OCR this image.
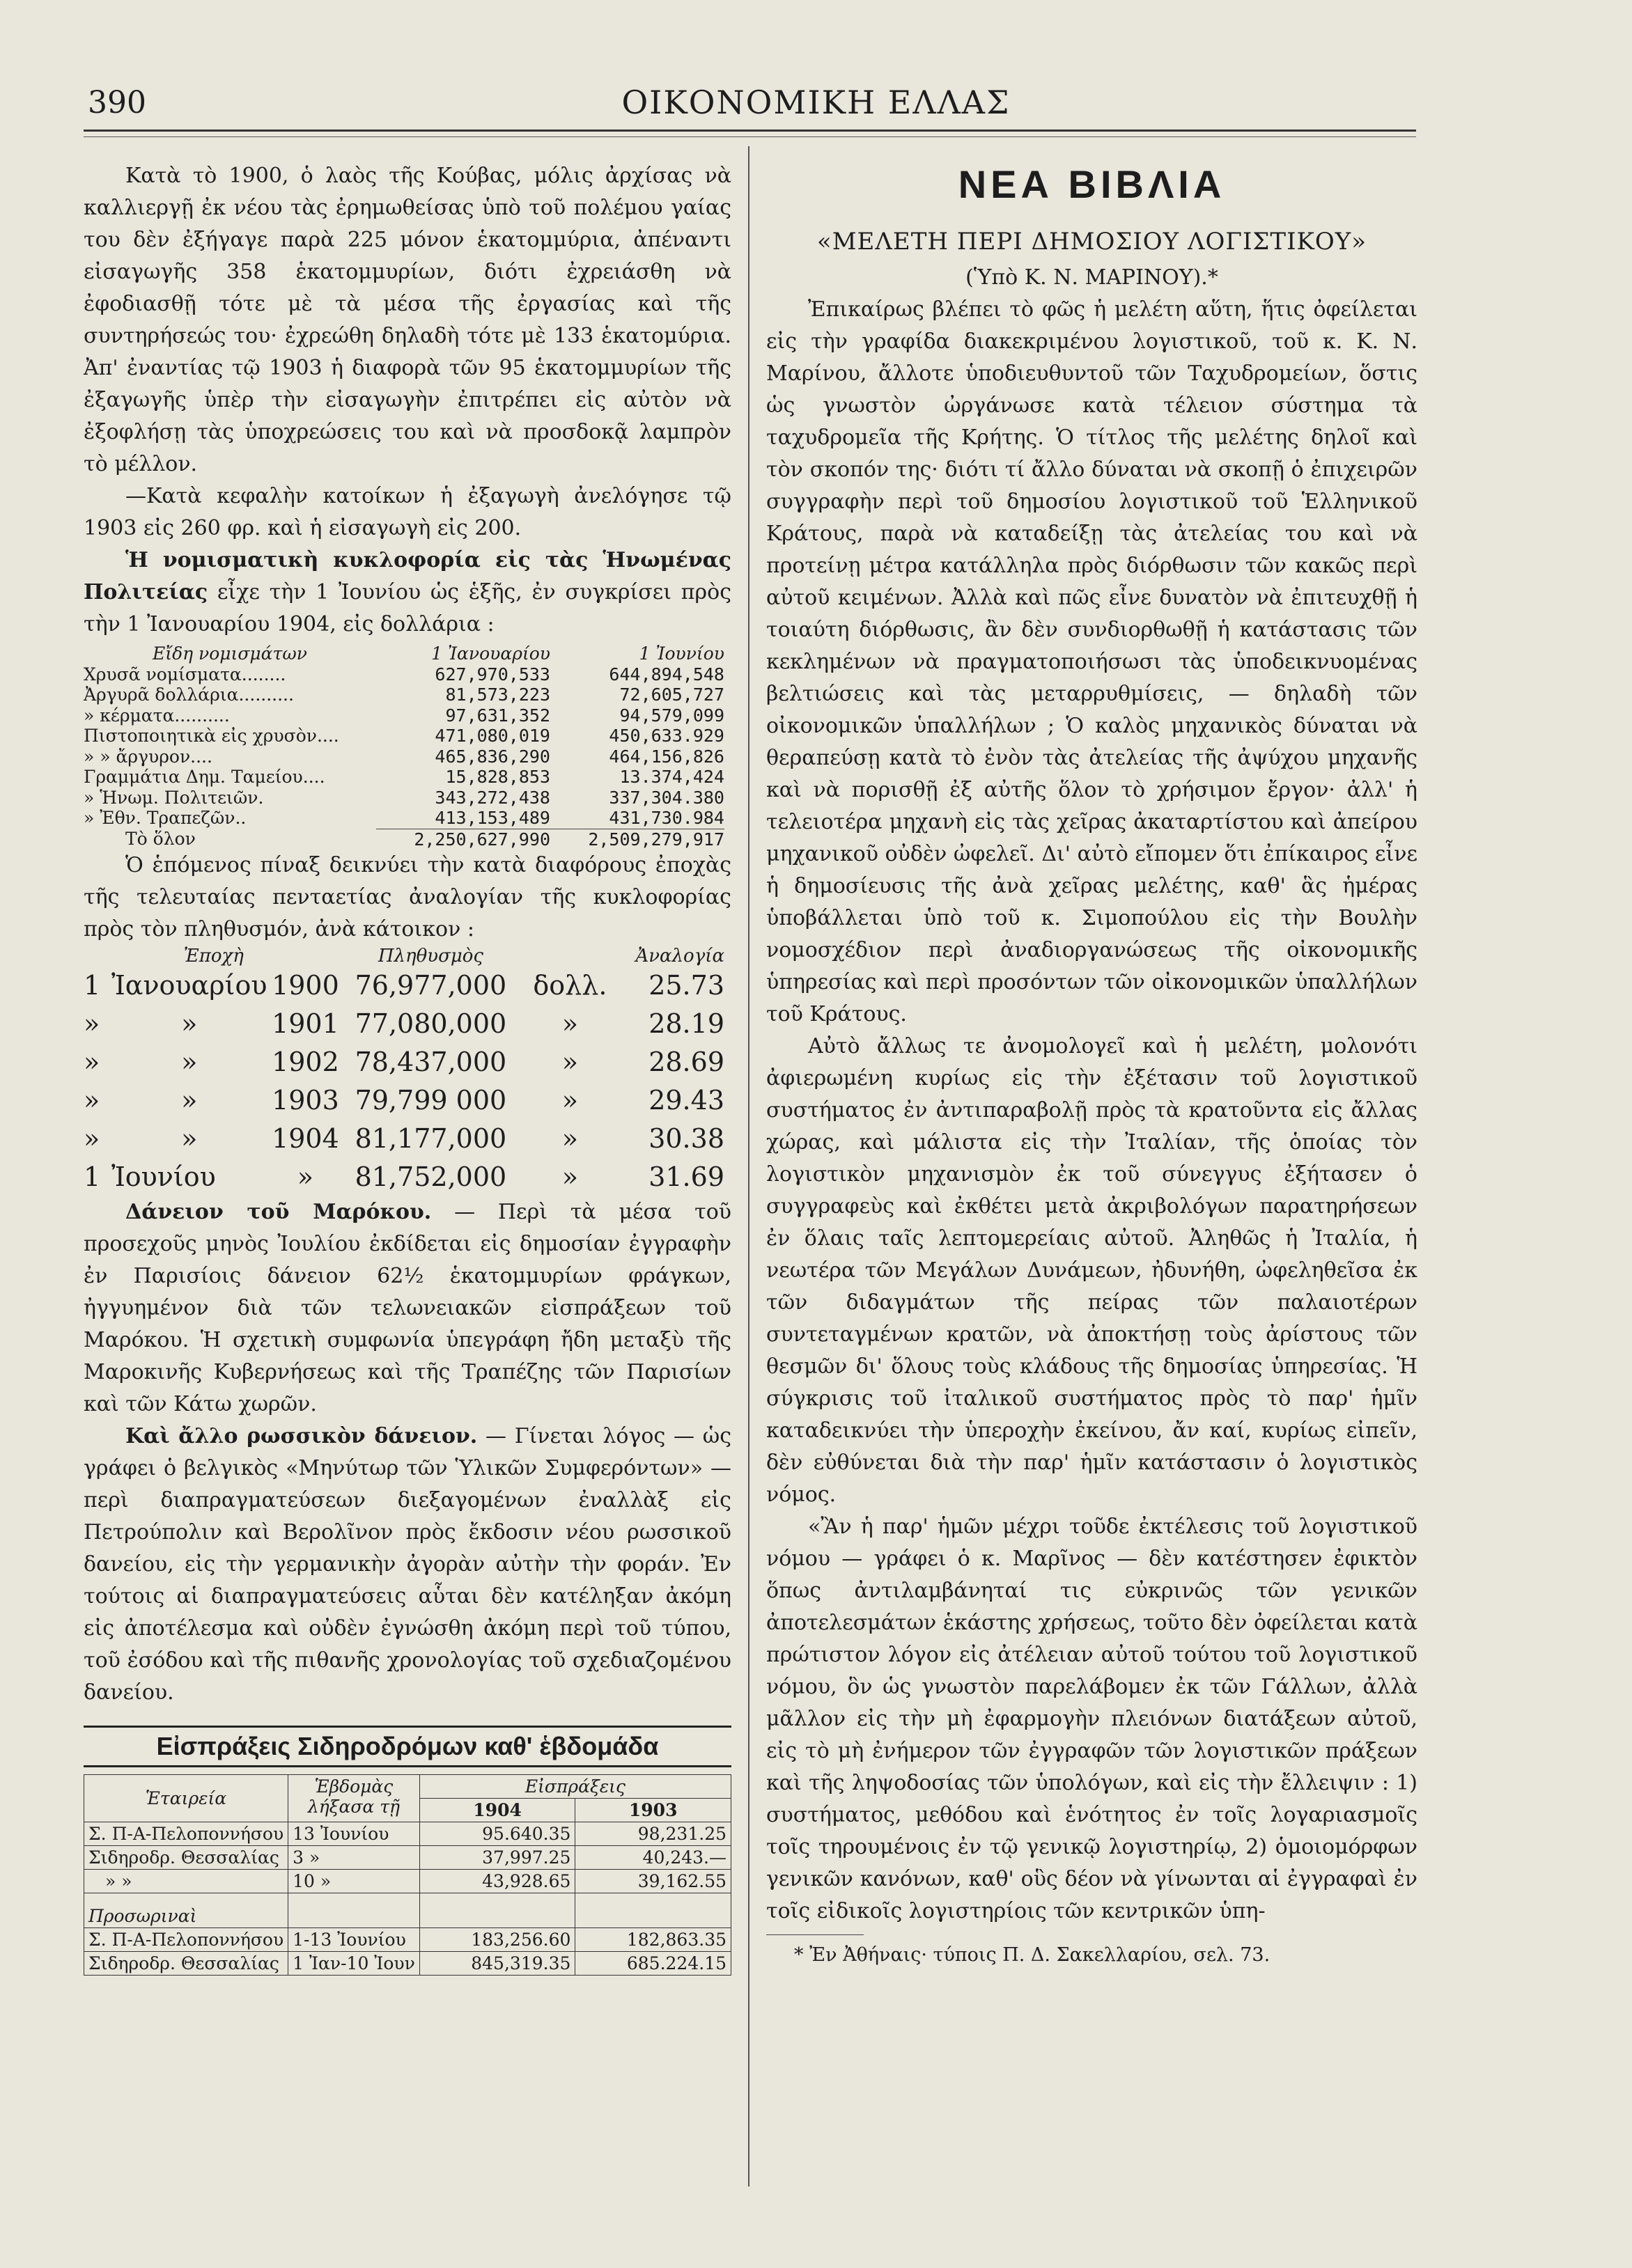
390	ΟΙΚΟΝΟΜΙΚΗ ΕΛΛΑΣ

Κατὰ τὸ 1900, ὁ λαὸς τῆς Κούβας, μόλις ἀρχίσας νὰ καλλιεργῇ ἐκ νέου τὰς ἐρημωθείσας ὑπὸ τοῦ πολέμου γαίας του δὲν ἐξήγαγε παρὰ 225 μόνον ἑκατομμύρια, ἀπέναντι εἰσαγωγῆς 358 ἑκατομμυρίων, διότι ἐχρειάσθη νὰ ἐφοδιασθῇ τότε μὲ τὰ μέσα τῆς ἐργασίας καὶ τῆς συντηρήσεώς του· ἐχρεώθη δηλαδὴ τότε μὲ 133 ἑκατομύρια. Ἀπ' ἐναντίας τῷ 1903 ἡ διαφορὰ τῶν 95 ἑκατομμυρίων τῆς ἐξαγωγῆς ὑπὲρ τὴν εἰσαγωγὴν ἐπιτρέπει εἰς αὐτὸν νὰ ἐξοφλήσῃ τὰς ὑποχρεώσεις του καὶ νὰ προσδοκᾷ λαμπρὸν τὸ μέλλον.

—Κατὰ κεφαλὴν κατοίκων ἡ ἐξαγωγὴ ἀνελόγησε τῷ 1903 εἰς 260 φρ. καὶ ἡ εἰσαγωγὴ εἰς 200.

Ἡ νομισματικὴ κυκλοφορία εἰς τὰς Ἡνωμένας Πολιτείας εἶχε τὴν 1 Ἰουνίου ὡς ἑξῆς, ἐν συγκρίσει πρὸς τὴν 1 Ἰανουαρίου 1904, εἰς δολλάρια :

Εἴδη νομισμάτων	1 Ἰανουαρίου	1 Ἰουνίου
Χρυσᾶ νομίσματα........	627,970,533	644,894,548
Ἀργυρᾶ δολλάρια..........	81,573,223	72,605,727
» κέρματα..........	97,631,352	94,579,099
Πιστοποιητικὰ εἰς χρυσὸν....	471,080,019	450,633.929
» » ἄργυρον....	465,836,290	464,156,826
Γραμμάτια Δημ. Ταμείου....	15,828,853	13.374,424
» Ἡνωμ. Πολιτειῶν.	343,272,438	337,304.380
» Ἐθν. Τραπεζῶν..	413,153,489	431,730.984
Τὸ ὅλον	2,250,627,990	2,509,279,917

Ὁ ἑπόμενος πίναξ δεικνύει τὴν κατὰ διαφόρους ἐποχὰς τῆς τελευταίας πενταετίας ἀναλογίαν τῆς κυκλοφορίας πρὸς τὸν πληθυσμόν, ἀνὰ κάτοικον :

Ἐποχὴ			Πληθυσμὸς	Ἀναλογία	
1	Ἰανουαρίου	1900	76,977,000	δολλ.	25.73
»	»	1901	77,080,000	»	28.19
»	»	1902	78,437,000	»	28.69
»	»	1903	79,799 000	»	29.43
»	»	1904	81,177,000	»	30.38
1	Ἰουνίου	»	81,752,000	»	31.69

Δάνειον τοῦ Μαρόκου. — Περὶ τὰ μέσα τοῦ προσεχοῦς μηνὸς Ἰουλίου ἐκδίδεται εἰς δημοσίαν ἐγγραφὴν ἐν Παρισίοις δάνειον 62½ ἑκατομμυρίων φράγκων, ἠγγυημένον διὰ τῶν τελωνειακῶν εἰσπράξεων τοῦ Μαρόκου. Ἡ σχετικὴ συμφωνία ὑπεγράφη ἤδη μεταξὺ τῆς Μαροκινῆς Κυβερνήσεως καὶ τῆς Τραπέζης τῶν Παρισίων καὶ τῶν Κάτω χωρῶν.

Καὶ ἄλλο ρωσσικὸν δάνειον. — Γίνεται λόγος — ὡς γράφει ὁ βελγικὸς «Μηνύτωρ τῶν Ὑλικῶν Συμφερόντων» — περὶ διαπραγματεύσεων διεξαγομένων ἐναλλὰξ εἰς Πετρούπολιν καὶ Βερολῖνον πρὸς ἔκδοσιν νέου ρωσσικοῦ δανείου, εἰς τὴν γερμανικὴν ἀγορὰν αὐτὴν τὴν φοράν. Ἐν τούτοις αἱ διαπραγματεύσεις αὗται δὲν κατέληξαν ἀκόμη εἰς ἀποτέλεσμα καὶ οὐδὲν ἐγνώσθη ἀκόμη περὶ τοῦ τύπου, τοῦ ἐσόδου καὶ τῆς πιθανῆς χρονολογίας τοῦ σχεδιαζομένου δανείου.

Εἰσπράξεις Σιδηροδρόμων καθ' ἑβδομάδα
Ἑταιρεία	Ἑβδομὰς λήξασα τῇ	Εἰσπράξεις	
		1904	1903
Σ. Π-Α-Πελοποννήσου	13 Ἰουνίου	95.640.35	98,231.25
Σιδηροδρ. Θεσσαλίας	3 »	37,997.25	40,243.—
» »	10 »	43,928.65	39,162.55
Προσωριναὶ			
Σ. Π-Α-Πελοποννήσου	1-13 Ἰουνίου	183,256.60	182,863.35
Σιδηροδρ. Θεσσαλίας	1 Ἰαν-10 Ἰουν	845,319.35	685.224.15
ΝΕΑ ΒΙΒΛΙΑ
«ΜΕΛΕΤΗ ΠΕΡΙ ΔΗΜΟΣΙΟΥ ΛΟΓΙΣΤΙΚΟΥ»
(Ὑπὸ Κ. Ν. ΜΑΡΙΝΟΥ).*

Ἐπικαίρως βλέπει τὸ φῶς ἡ μελέτη αὕτη, ἥτις ὀφείλεται εἰς τὴν γραφίδα διακεκριμένου λογιστικοῦ, τοῦ κ. Κ. Ν. Μαρίνου, ἄλλοτε ὑποδιευθυντοῦ τῶν Ταχυδρομείων, ὅστις ὡς γνωστὸν ὠργάνωσε κατὰ τέλειον σύστημα τὰ ταχυδρομεῖα τῆς Κρήτης. Ὁ τίτλος τῆς μελέτης δηλοῖ καὶ τὸν σκοπόν της· διότι τί ἄλλο δύναται νὰ σκοπῇ ὁ ἐπιχειρῶν συγγραφὴν περὶ τοῦ δημοσίου λογιστικοῦ τοῦ Ἑλληνικοῦ Κράτους, παρὰ νὰ καταδείξῃ τὰς ἀτελείας του καὶ νὰ προτείνῃ μέτρα κατάλληλα πρὸς διόρθωσιν τῶν κακῶς περὶ αὐτοῦ κειμένων. Ἀλλὰ καὶ πῶς εἶνε δυνατὸν νὰ ἐπιτευχθῇ ἡ τοιαύτη διόρθωσις, ἂν δὲν συνδιορθωθῇ ἡ κατάστασις τῶν κεκλημένων νὰ πραγματοποιήσωσι τὰς ὑποδεικνυομένας βελτιώσεις καὶ τὰς μεταρρυθμίσεις, — δηλαδὴ τῶν οἰκονομικῶν ὑπαλλήλων ; Ὁ καλὸς μηχανικὸς δύναται νὰ θεραπεύσῃ κατὰ τὸ ἐνὸν τὰς ἀτελείας τῆς ἀψύχου μηχανῆς καὶ νὰ πορισθῇ ἐξ αὐτῆς ὅλον τὸ χρήσιμον ἔργον· ἀλλ' ἡ τελειοτέρα μηχανὴ εἰς τὰς χεῖρας ἀκαταρτίστου καὶ ἀπείρου μηχανικοῦ οὐδὲν ὠφελεῖ. Δι' αὐτὸ εἴπομεν ὅτι ἐπίκαιρος εἶνε ἡ δημοσίευσις τῆς ἀνὰ χεῖρας μελέτης, καθ' ἃς ἡμέρας ὑποβάλλεται ὑπὸ τοῦ κ. Σιμοπούλου εἰς τὴν Βουλὴν νομοσχέδιον περὶ ἀναδιοργανώσεως τῆς οἰκονομικῆς ὑπηρεσίας καὶ περὶ προσόντων τῶν οἰκονομικῶν ὑπαλλήλων τοῦ Κράτους.

Αὐτὸ ἄλλως τε ἀνομολογεῖ καὶ ἡ μελέτη, μολονότι ἀφιερωμένη κυρίως εἰς τὴν ἐξέτασιν τοῦ λογιστικοῦ συστήματος ἐν ἀντιπαραβολῇ πρὸς τὰ κρατοῦντα εἰς ἄλλας χώρας, καὶ μάλιστα εἰς τὴν Ἰταλίαν, τῆς ὁποίας τὸν λογιστικὸν μηχανισμὸν ἐκ τοῦ σύνεγγυς ἐξήτασεν ὁ συγγραφεὺς καὶ ἐκθέτει μετὰ ἀκριβολόγων παρατηρήσεων ἐν ὅλαις ταῖς λεπτομερείαις αὐτοῦ. Ἀληθῶς ἡ Ἰταλία, ἡ νεωτέρα τῶν Μεγάλων Δυνάμεων, ἠδυνήθη, ὠφεληθεῖσα ἐκ τῶν διδαγμάτων τῆς πείρας τῶν παλαιοτέρων συντεταγμένων κρατῶν, νὰ ἀποκτήσῃ τοὺς ἀρίστους τῶν θεσμῶν δι' ὅλους τοὺς κλάδους τῆς δημοσίας ὑπηρεσίας. Ἡ σύγκρισις τοῦ ἰταλικοῦ συστήματος πρὸς τὸ παρ' ἡμῖν καταδεικνύει τὴν ὑπεροχὴν ἐκείνου, ἄν καί, κυρίως εἰπεῖν, δὲν εὐθύνεται διὰ τὴν παρ' ἡμῖν κατάστασιν ὁ λογιστικὸς νόμος.

«Ἂν ἡ παρ' ἡμῶν μέχρι τοῦδε ἐκτέλεσις τοῦ λογιστικοῦ νόμου — γράφει ὁ κ. Μαρῖνος — δὲν κατέστησεν ἐφικτὸν ὅπως ἀντιλαμβάνηταί τις εὐκρινῶς τῶν γενικῶν ἀποτελεσμάτων ἑκάστης χρήσεως, τοῦτο δὲν ὀφείλεται κατὰ πρώτιστον λόγον εἰς ἀτέλειαν αὐτοῦ τούτου τοῦ λογιστικοῦ νόμου, ὃν ὡς γνωστὸν παρελάβομεν ἐκ τῶν Γάλλων, ἀλλὰ μᾶλλον εἰς τὴν μὴ ἐφαρμογὴν πλειόνων διατάξεων αὐτοῦ, εἰς τὸ μὴ ἐνήμερον τῶν ἐγγραφῶν τῶν λογιστικῶν πράξεων καὶ τῆς ληψοδοσίας τῶν ὑπολόγων, καὶ εἰς τὴν ἔλλειψιν : 1) συστήματος, μεθόδου καὶ ἑνότητος ἐν τοῖς λογαριασμοῖς τοῖς τηρουμένοις ἐν τῷ γενικῷ λογιστηρίῳ, 2) ὁμοιομόρφων γενικῶν κανόνων, καθ' οὓς δέον νὰ γίνωνται αἱ ἐγγραφαὶ ἐν τοῖς εἰδικοῖς λογιστηρίοις τῶν κεντρικῶν ὑπη-

* Ἐν Ἀθήναις· τύποις Π. Δ. Σακελλαρίου, σελ. 73.
